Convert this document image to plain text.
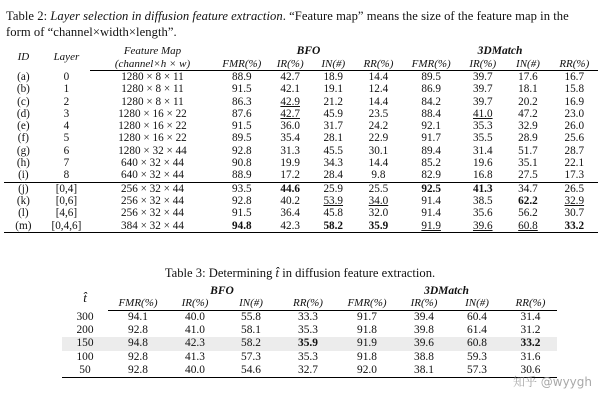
Table 2: Layer selection in diffusion feature extraction. “Feature map” means the size of the feature map in the form of “channel×width×length”.
ID	Layer	Feature Map	BFO				3DMatch			
		(channel×h × w)	FMR(%)	IR(%)	IN(#)	RR(%)	FMR(%)	IR(%)	IN(#)	RR(%)
(a)	0	1280 × 8 × 11	88.9	42.7	18.9	14.4	89.5	39.7	17.6	16.7
(b)	1	1280 × 8 × 11	91.5	42.1	19.1	12.4	86.9	39.7	18.1	15.8
(c)	2	1280 × 8 × 11	86.3	42.9	21.2	14.4	84.2	39.7	20.2	16.9
(d)	3	1280 × 16 × 22	87.6	42.7	45.9	23.5	88.4	41.0	47.2	23.0
(e)	4	1280 × 16 × 22	91.5	36.0	31.7	24.2	92.1	35.3	32.9	26.0
(f)	5	1280 × 16 × 22	89.5	35.4	28.1	22.9	91.7	35.5	28.9	25.6
(g)	6	1280 × 32 × 44	92.8	31.3	45.5	30.1	89.4	31.4	51.7	28.7
(h)	7	640 × 32 × 44	90.8	19.9	34.3	14.4	85.2	19.6	35.1	22.1
(i)	8	640 × 32 × 44	88.9	17.2	28.4	9.8	82.9	16.8	27.5	17.3
(j)	[0,4]	256 × 32 × 44	93.5	44.6	25.9	25.5	92.5	41.3	34.7	26.5
(k)	[0,6]	256 × 32 × 44	92.8	40.2	53.9	34.0	91.4	38.5	62.2	32.9
(l)	[4,6]	256 × 32 × 44	91.5	36.4	45.8	32.0	91.4	35.6	56.2	30.7
(m)	[0,4,6]	384 × 32 × 44	94.8	42.3	58.2	35.9	91.9	39.6	60.8	33.2
Table 3: Determining t̂ in diffusion feature extraction.
t̂	BFO				3DMatch			
	FMR(%)	IR(%)	IN(#)	RR(%)	FMR(%)	IR(%)	IN(#)	RR(%)
300	94.1	40.0	55.8	33.3	91.7	39.4	60.4	31.4
200	92.8	41.0	58.1	35.3	91.8	39.8	61.4	31.2
150	94.8	42.3	58.2	35.9	91.9	39.6	60.8	33.2
100	92.8	41.3	57.3	35.3	91.8	38.8	59.3	31.6
50	92.8	40.0	54.6	32.7	92.0	38.1	57.3	30.6
知乎 @wyygh
